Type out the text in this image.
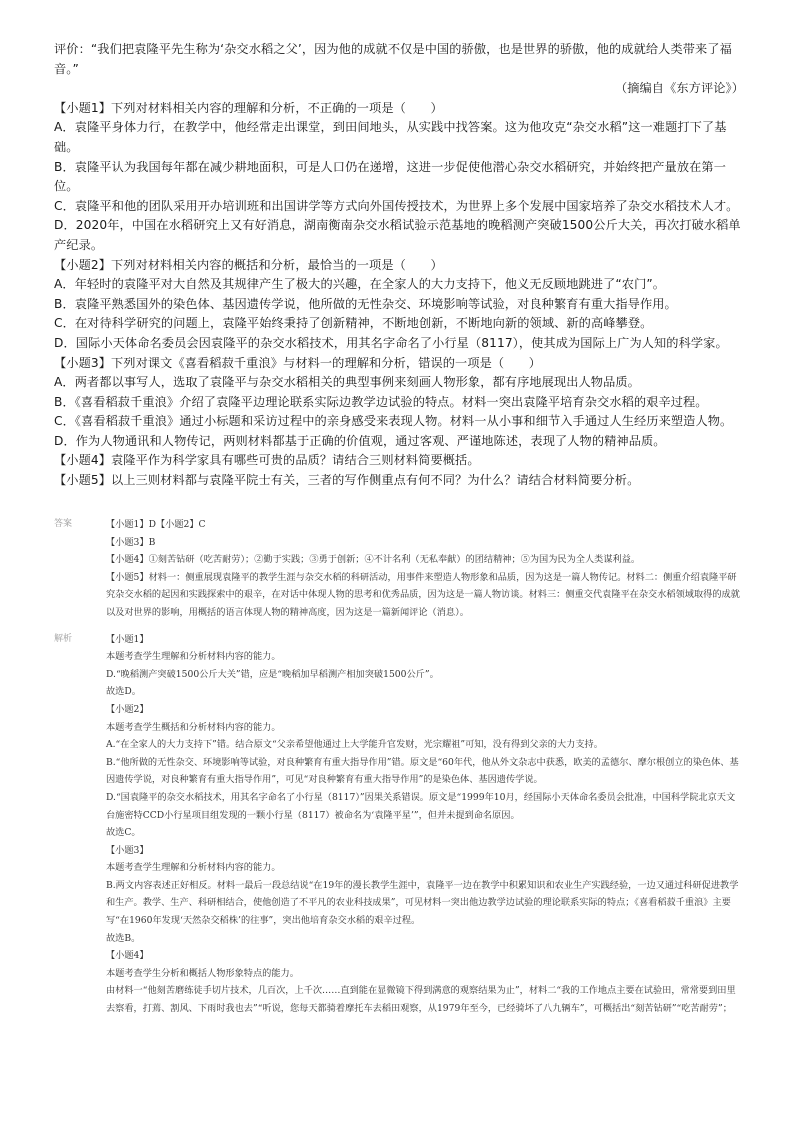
评价：“我们把袁隆平先生称为‘杂交水稻之父’，因为他的成就不仅是中国的骄傲，也是世界的骄傲，他的成就给人类带来了福音。”

（摘编自《东方评论》）

【小题1】下列对材料相关内容的理解和分析，不正确的一项是（　　）

A．袁隆平身体力行，在教学中，他经常走出课堂，到田间地头，从实践中找答案。这为他攻克“杂交水稻”这一难题打下了基础。

B．袁隆平认为我国每年都在减少耕地面积，可是人口仍在递增，这进一步促使他潜心杂交水稻研究，并始终把产量放在第一位。

C．袁隆平和他的团队采用开办培训班和出国讲学等方式向外国传授技术，为世界上多个发展中国家培养了杂交水稻技术人才。

D．2020年，中国在水稻研究上又有好消息，湖南衡南杂交水稻试验示范基地的晚稻测产突破1500公斤大关，再次打破水稻单产纪录。

【小题2】下列对材料相关内容的概括和分析，最恰当的一项是（　　）

A．年轻时的袁隆平对大自然及其规律产生了极大的兴趣，在全家人的大力支持下，他义无反顾地跳进了“农门”。

B．袁隆平熟悉国外的染色体、基因遗传学说，他所做的无性杂交、环境影响等试验，对良种繁育有重大指导作用。

C．在对待科学研究的问题上，袁隆平始终秉持了创新精神，不断地创新，不断地向新的领域、新的高峰攀登。

D．国际小天体命名委员会因袁隆平的杂交水稻技术，用其名字命名了小行星（8117），使其成为国际上广为人知的科学家。

【小题3】下列对课文《喜看稻菽千重浪》与材料一的理解和分析，错误的一项是（　　）

A．两者都以事写人，选取了袁隆平与杂交水稻相关的典型事例来刻画人物形象，都有序地展现出人物品质。

B．《喜看稻菽千重浪》介绍了袁隆平边理论联系实际边教学边试验的特点。材料一突出袁隆平培育杂交水稻的艰辛过程。

C．《喜看稻菽千重浪》通过小标题和采访过程中的亲身感受来表现人物。材料一从小事和细节入手通过人生经历来塑造人物。

D．作为人物通讯和人物传记，两则材料都基于正确的价值观，通过客观、严谨地陈述，表现了人物的精神品质。

【小题4】袁隆平作为科学家具有哪些可贵的品质？请结合三则材料简要概括。

【小题5】以上三则材料都与袁隆平院士有关，三者的写作侧重点有何不同？为什么？请结合材料简要分析。

答案	【小题1】D【小题2】C

【小题3】B

【小题4】①刻苦钻研（吃苦耐劳）；②勤于实践；③勇于创新；④不计名利（无私奉献）的团结精神；⑤为国为民为全人类谋利益。

【小题5】材料一：侧重展现袁隆平的教学生涯与杂交水稻的科研活动，用事件来塑造人物形象和品质，因为这是一篇人物传记。材料二：侧重介绍袁隆平研究杂交水稻的起因和实践探索中的艰辛，在对话中体现人物的思考和优秀品质，因为这是一篇人物访谈。材料三：侧重交代袁隆平在杂交水稻领域取得的成就以及对世界的影响，用概括的语言体现人物的精神高度，因为这是一篇新闻评论（消息）。

解析	【小题1】

本题考查学生理解和分析材料内容的能力。

D.“晚稻测产突破1500公斤大关”错，应是“晚稻加早稻测产相加突破1500公斤”。

故选D。

【小题2】

本题考查学生概括和分析材料内容的能力。

A.“在全家人的大力支持下”错。结合原文“父亲希望他通过上大学能升官发财，光宗耀祖”可知，没有得到父亲的大力支持。

B.“他所做的无性杂交、环境影响等试验，对良种繁育有重大指导作用”错。原文是“60年代，他从外文杂志中获悉，欧美的孟德尔、摩尔根创立的染色体、基因遗传学说，对良种繁育有重大指导作用”，可见“对良种繁育有重大指导作用”的是染色体、基因遗传学说。

D.“国袁隆平的杂交水稻技术，用其名字命名了小行星（8117）”因果关系错误。原文是“1999年10月，经国际小天体命名委员会批准，中国科学院北京天文台施密特CCD小行星项目组发现的一颗小行星（8117）被命名为‘袁隆平星’”，但并未提到命名原因。

故选C。

【小题3】

本题考查学生理解和分析材料内容的能力。

B.两文内容表述正好相反。材料一最后一段总结说“在19年的漫长教学生涯中，袁隆平一边在教学中积累知识和农业生产实践经验，一边又通过科研促进教学和生产。教学、生产、科研相结合，使他创造了不平凡的农业科技成果”，可见材料一突出他边教学边试验的理论联系实际的特点；《喜看稻菽千重浪》主要写“在1960年发现‘天然杂交稻株’的往事”，突出他培育杂交水稻的艰辛过程。

故选B。

【小题4】

本题考查学生分析和概括人物形象特点的能力。

由材料一“他刻苦磨练徒手切片技术，几百次，上千次……直到能在显微镜下得到满意的观察结果为止”，材料二“我的工作地点主要在试验田，常常要到田里去察看，打蔫、割风、下雨时我也去”“听说，您每天都骑着摩托车去稻田观察，从1979年至今，已经骑坏了八九辆车”，可概括出“刻苦钻研”“吃苦耐劳”；
